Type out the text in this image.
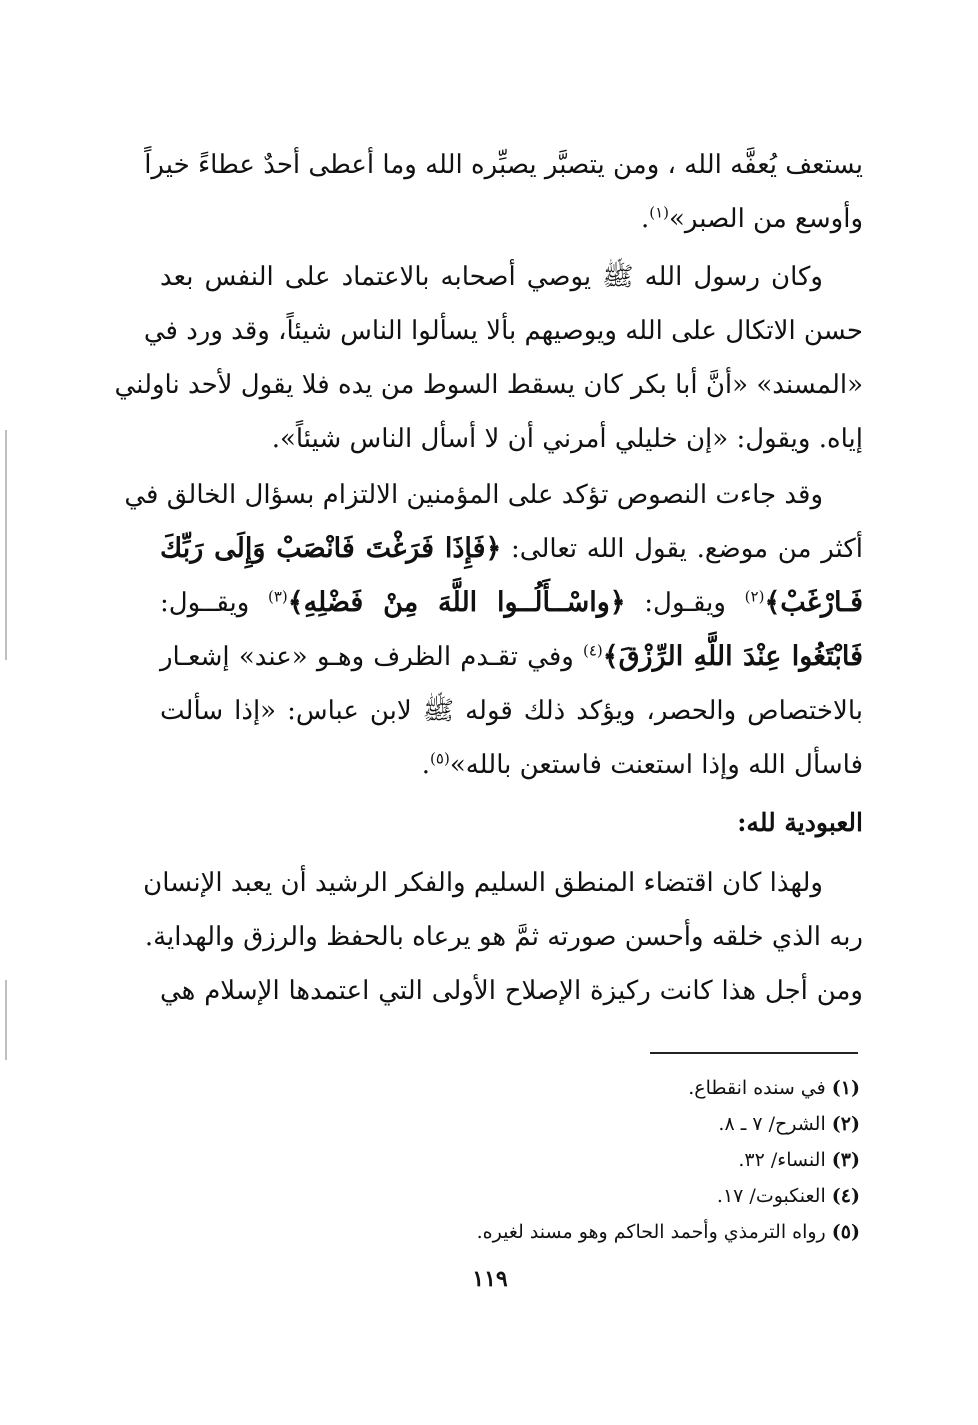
يستعف يُعفَّه الله ، ومن يتصبَّر يصبِّره الله وما أعطى أحدٌ عطاءً خيراً
وأوسع من الصبر»$^{(١)}$.
وكان رسول الله ﷺ يوصي أصحابه بالاعتماد على النفس بعد
حسن الاتكال على الله ويوصيهم بألا يسألوا الناس شيئاً، وقد ورد في
«المسند» «أنَّ أبا بكر كان يسقط السوط من يده فلا يقول لأحد ناولني
إياه. ويقول: «إن خليلي أمرني أن لا أسأل الناس شيئاً».
وقد جاءت النصوص تؤكد على المؤمنين الالتزام بسؤال الخالق في
أكثر من موضع. يقول الله تعالى: ﴿فَإِذَا فَرَغْتَ فَانْصَبْ وَإِلَى رَبِّكَ
فَـارْغَبْ﴾$^{(٢)}$ ويقـول: ﴿واسْــأَلُــوا اللَّهَ مِنْ فَضْلِهِ﴾$^{(٣)}$ ويقــول:
فَابْتَغُوا عِنْدَ اللَّهِ الرِّزْقَ﴾$^{(٤)}$ وفي تقـدم الظرف وهـو «عند» إشعـار
بالاختصاص والحصر، ويؤكد ذلك قوله ﷺ لابن عباس: «إذا سألت
فاسأل الله وإذا استعنت فاستعن بالله»$^{(٥)}$.
العبودية لله:
ولهذا كان اقتضاء المنطق السليم والفكر الرشيد أن يعبد الإنسان
ربه الذي خلقه وأحسن صورته ثمَّ هو يرعاه بالحفظ والرزق والهداية.
ومن أجل هذا كانت ركيزة الإصلاح الأولى التي اعتمدها الإسلام هي
(١) في سنده انقطاع.
(٢) الشرح/ ٧ ـ ٨.
(٣) النساء/ ٣٢.
(٤) العنكبوت/ ١٧.
(٥) رواه الترمذي وأحمد الحاكم وهو مسند لغيره.
١١٩
